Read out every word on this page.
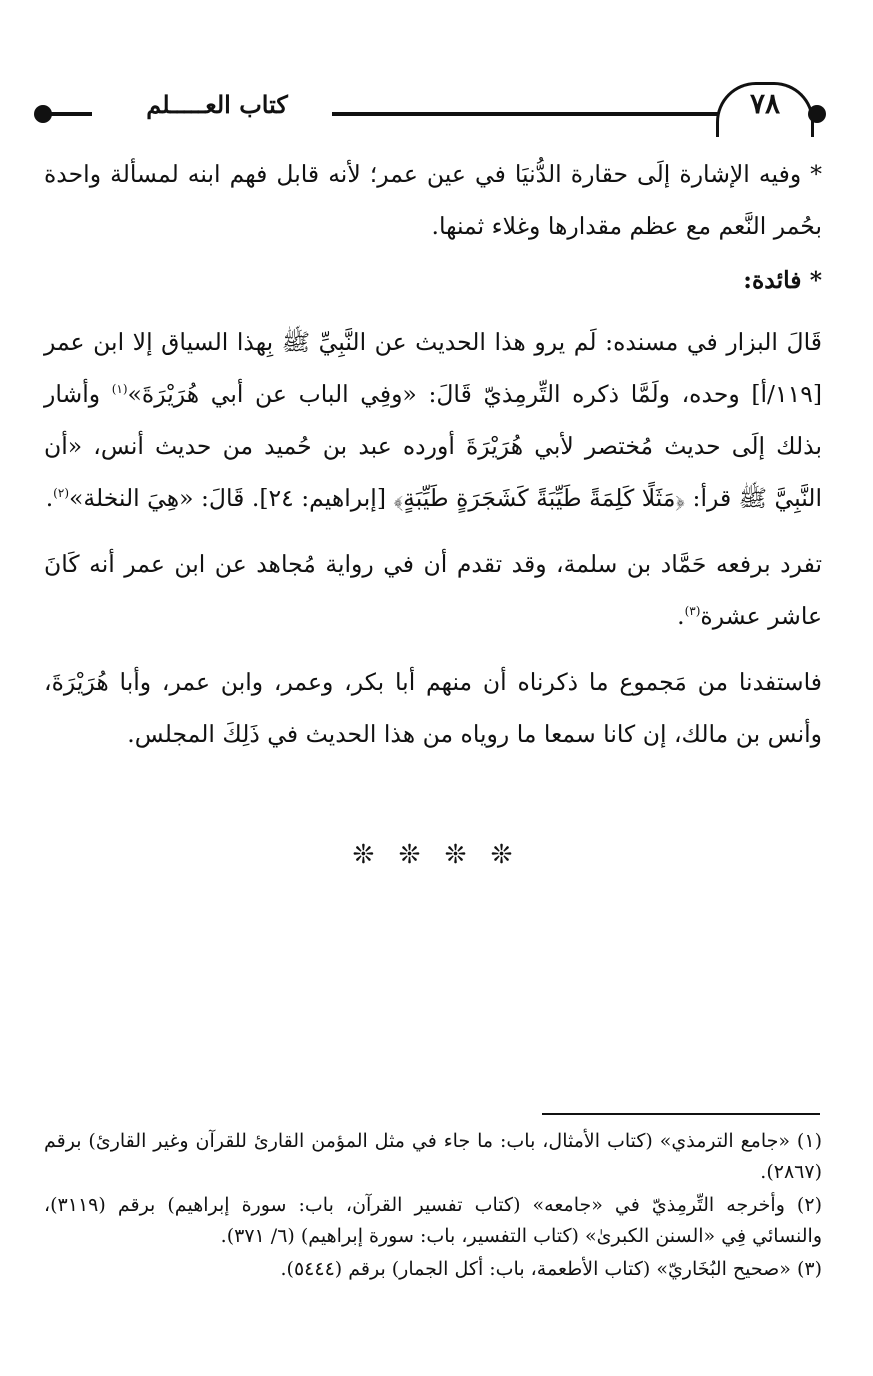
كتاب العـــــلم	٧٨

* وفيه الإشارة إلَى حقارة الدُّنيَا في عين عمر؛ لأنه قابل فهم ابنه لمسألة واحدة بحُمر النَّعم مع عظم مقدارها وغلاء ثمنها.

* فائدة:

قَالَ البزار في مسنده: لَم يرو هذا الحديث عن النَّبِيِّ ﷺ بِهذا السياق إلا ابن عمر [١١٩/أ] وحده، ولَمَّا ذكره التِّرمِذيّ قَالَ: «وفِي الباب عن أبي هُرَيْرَةَ»$^{(١)}$ وأشار بذلك إلَى حديث مُختصر لأبي هُرَيْرَةَ أورده عبد بن حُميد من حديث أنس، «أن النَّبِيَّ ﷺ قرأ: ﴿مَثَلًا كَلِمَةً طَيِّبَةً كَشَجَرَةٍ طَيِّبَةٍ﴾ [إبراهيم: ٢٤]. قَالَ: «هِيَ النخلة»$^{(٢)}$.

تفرد برفعه حَمَّاد بن سلمة، وقد تقدم أن في رواية مُجاهد عن ابن عمر أنه كَانَ عاشر عشرة$^{(٣)}$.

فاستفدنا من مَجموع ما ذكرناه أن منهم أبا بكر، وعمر، وابن عمر، وأبا هُرَيْرَةَ، وأنس بن مالك، إن كانا سمعا ما روياه من هذا الحديث في ذَلِكَ المجلس.

❊ ❊ ❊ ❊

(١) «جامع الترمذي» (كتاب الأمثال، باب: ما جاء في مثل المؤمن القارئ للقرآن وغير القارئ) برقم (٢٨٦٧).

(٢) وأخرجه التِّرمِذيّ في «جامعه» (كتاب تفسير القرآن، باب: سورة إبراهيم) برقم (٣١١٩)، والنسائي فِي «السنن الكبرىٰ» (كتاب التفسير، باب: سورة إبراهيم) (٦/ ٣٧١).

(٣) «صحيح البُخَاريّ» (كتاب الأطعمة، باب: أكل الجمار) برقم (٥٤٤٤).
